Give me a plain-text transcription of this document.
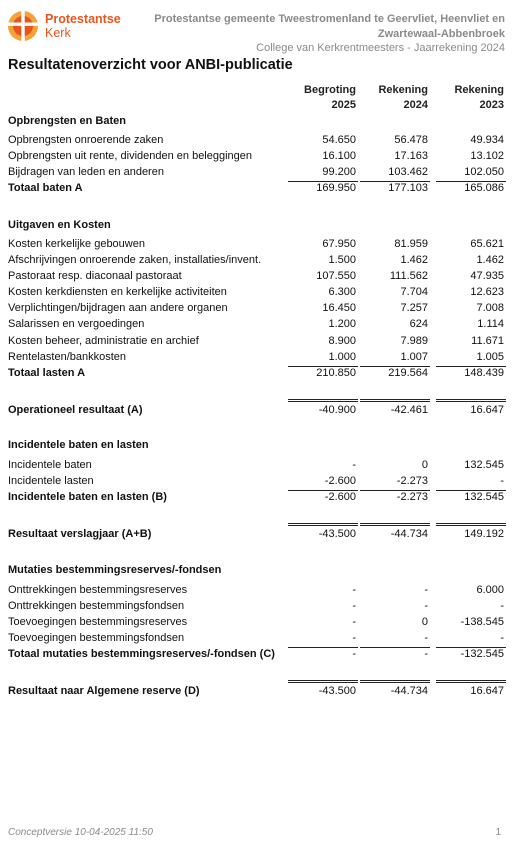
Protestantse
Kerk
Protestantse gemeente Tweestromenland te Geervliet, Heenvliet en
Zwartewaal-Abbenbroek
College van Kerkrentmeesters - Jaarrekening 2024
Resultatenoverzicht voor ANBI-publicatie
Begroting
2025
Rekening
2024
Rekening
2023
Opbrengsten en Baten
Opbrengsten onroerende zaken	54.650	56.478	49.934
Opbrengsten uit rente, dividenden en beleggingen	16.100	17.163	13.102
Bijdragen van leden en anderen	99.200	103.462	102.050
Totaal baten A	169.950	177.103	165.086
Uitgaven en Kosten
Kosten kerkelijke gebouwen	67.950	81.959	65.621
Afschrijvingen onroerende zaken, installaties/invent.	1.500	1.462	1.462
Pastoraat resp. diaconaal pastoraat	107.550	111.562	47.935
Kosten kerkdiensten en kerkelijke activiteiten	6.300	7.704	12.623
Verplichtingen/bijdragen aan andere organen	16.450	7.257	7.008
Salarissen en vergoedingen	1.200	624	1.114
Kosten beheer, administratie en archief	8.900	7.989	11.671
Rentelasten/bankkosten	1.000	1.007	1.005
Totaal lasten A	210.850	219.564	148.439
Operationeel resultaat (A)	-40.900	-42.461	16.647
Incidentele baten en lasten
Incidentele baten	-	0	132.545
Incidentele lasten	-2.600	-2.273	-
Incidentele baten en lasten (B)	-2.600	-2.273	132.545
Resultaat verslagjaar (A+B)	-43.500	-44.734	149.192
Mutaties bestemmingsreserves/-fondsen
Onttrekkingen bestemmingsreserves	-	-	6.000
Onttrekkingen bestemmingsfondsen	-	-	-
Toevoegingen bestemmingsreserves	-	0	-138.545
Toevoegingen bestemmingsfondsen	-	-	-
Totaal mutaties bestemmingsreserves/-fondsen (C)	-	-	-132.545
Resultaat naar Algemene reserve (D)	-43.500	-44.734	16.647
Conceptversie 10-04-2025 11:50	1
